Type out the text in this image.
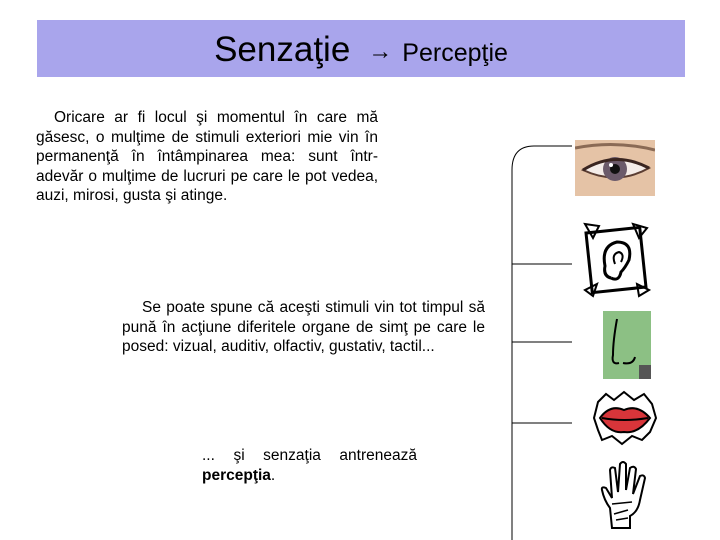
Senzaţie → Percepţie
Oricare ar fi locul şi momentul în care mă găsesc, o mulţime de stimuli exteriori mie vin în permanenţă în întâmpinarea mea: sunt într-adevăr o mulţime de lucruri pe care le pot vedea, auzi, mirosi, gusta şi atinge.
Se poate spune că aceşti stimuli vin tot timpul să pună în acţiune diferitele organe de simţ pe care le posed: vizual, auditiv, olfactiv, gustativ, tactil...
... şi senzaţia antrenează percepţia.
